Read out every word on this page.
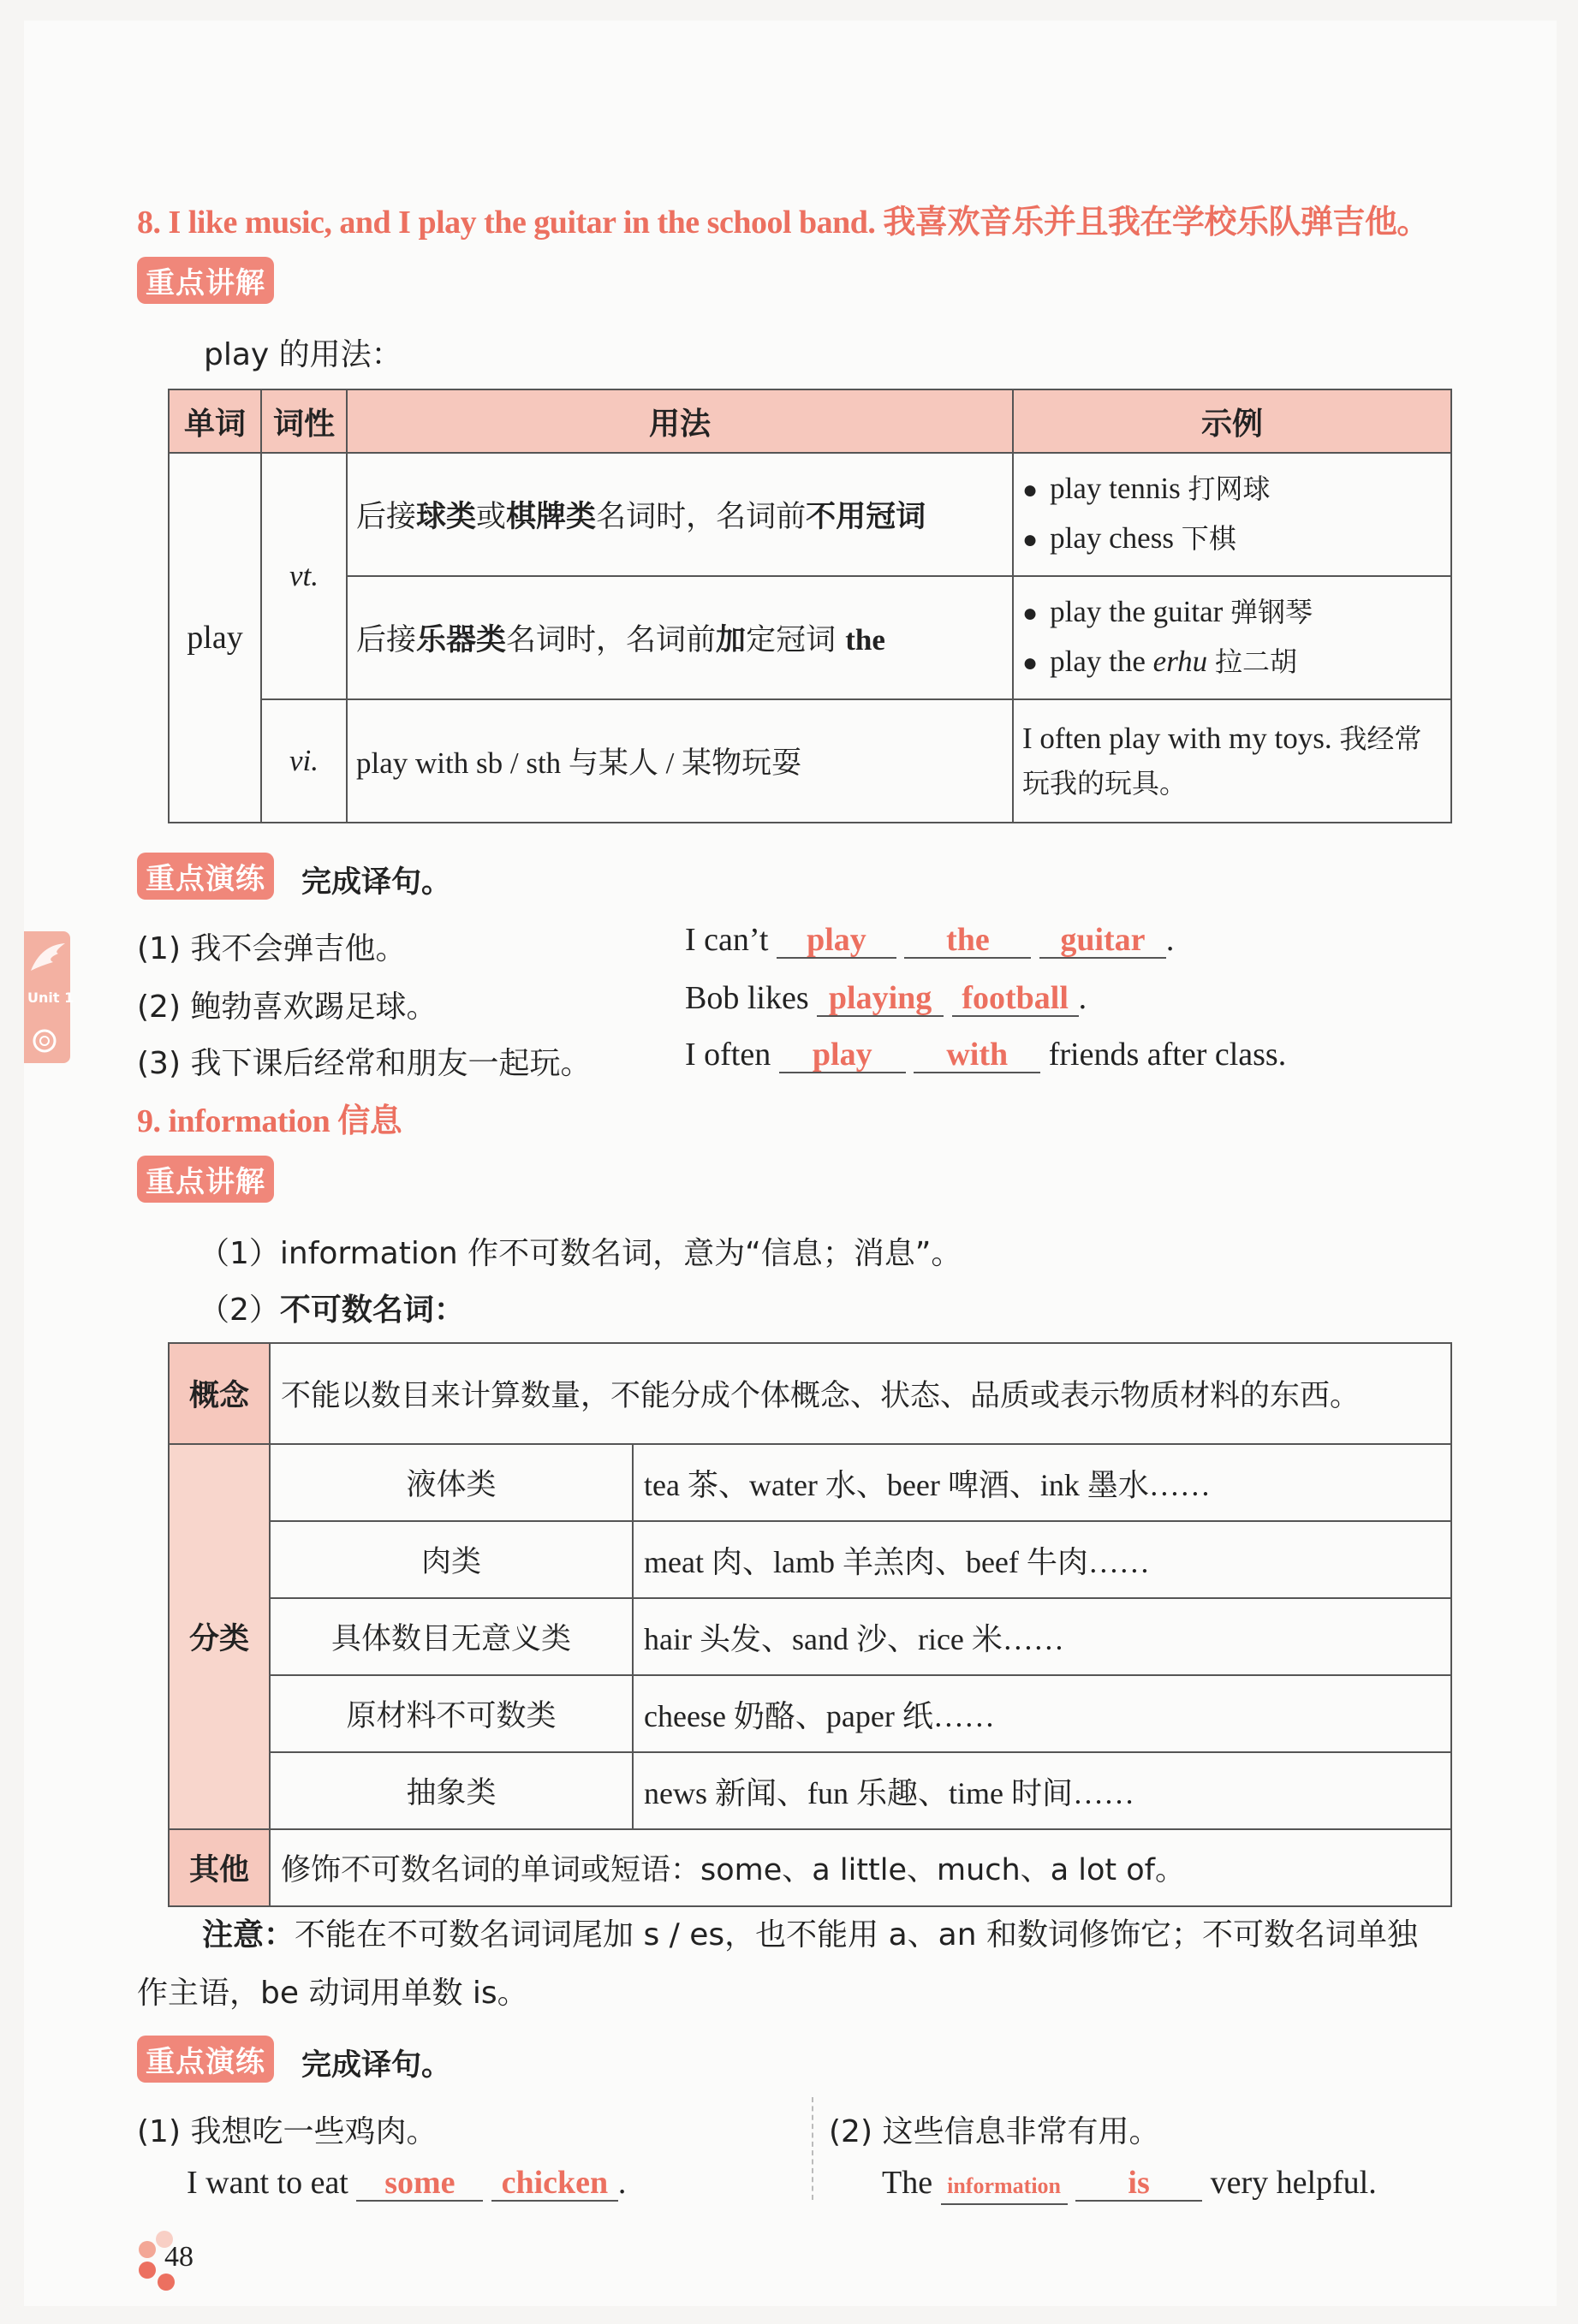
8. I like music, and I play the guitar in the school band. 我喜欢音乐并且我在学校乐队弹吉他。
重点讲解
play 的用法：
单词	词性	用法	示例
play	vt.	后接球类或棋牌类名词时，名词前不用冠词	● play tennis 打网球
● play chess 下棋

		后接乐器类名词时，名词前加定冠词 the	● play the guitar 弹钢琴
● play the erhu 拉二胡

	vi.	play with sb / sth 与某人 / 某物玩耍	I often play with my toys. 我经常玩我的玩具。
重点演练 完成译句。
(1) 我不会弹吉他。	I can’t play the guitar .
(2) 鲍勃喜欢踢足球。	Bob likes playing football .
(3) 我下课后经常和朋友一起玩。	I often play with friends after class.
9. information 信息
重点讲解
（1）information 作不可数名词，意为“信息；消息”。
（2）不可数名词：
概念	不能以数目来计算数量，不能分成个体概念、状态、品质或表示物质材料的东西。	
分类	液体类	tea 茶、water 水、beer 啤酒、ink 墨水……
	肉类	meat 肉、lamb 羊羔肉、beef 牛肉……
	具体数目无意义类	hair 头发、sand 沙、rice 米……
	原材料不可数类	cheese 奶酪、paper 纸……
	抽象类	news 新闻、fun 乐趣、time 时间……
其他	修饰不可数名词的单词或短语：some、a little、much、a lot of。	
注意：不能在不可数名词词尾加 s / es，也不能用 a、an 和数词修饰它；不可数名词单独
作主语，be 动词用单数 is。
重点演练 完成译句。
(1) 我想吃一些鸡肉。
I want to eat some chicken .
(2) 这些信息非常有用。
The information is very helpful.
Unit 1
48
